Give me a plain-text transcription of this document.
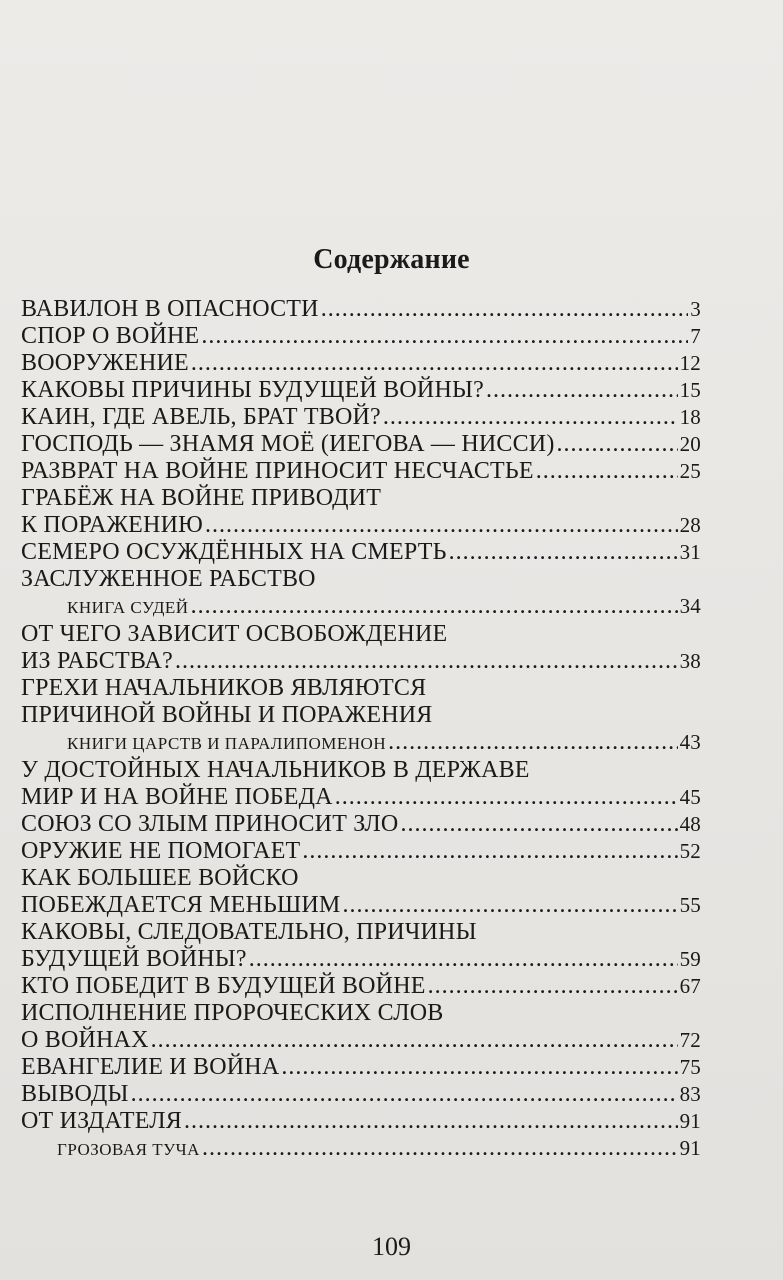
Содержание
ВАВИЛОН В ОПАСНОСТИ .....	3
СПОР О ВОЙНЕ .....	7
ВООРУЖЕНИЕ .....	12
КАКОВЫ ПРИЧИНЫ БУДУЩЕЙ ВОЙНЫ? .....	15
КАИН, ГДЕ АВЕЛЬ, БРАТ ТВОЙ? .....	18
ГОСПОДЬ — ЗНАМЯ МОЁ (ИЕГОВА — НИССИ) .....	20
РАЗВРАТ НА ВОЙНЕ ПРИНОСИТ НЕСЧАСТЬЕ .....	25
ГРАБЁЖ НА ВОЙНЕ ПРИВОДИТ
К ПОРАЖЕНИЮ .....	28
СЕМЕРО ОСУЖДЁННЫХ НА СМЕРТЬ .....	31
ЗАСЛУЖЕННОЕ РАБСТВО
КНИГА СУДЕЙ .....	34
ОТ ЧЕГО ЗАВИСИТ ОСВОБОЖДЕНИЕ
ИЗ РАБСТВА? .....	38
ГРЕХИ НАЧАЛЬНИКОВ ЯВЛЯЮТСЯ
ПРИЧИНОЙ ВОЙНЫ И ПОРАЖЕНИЯ
КНИГИ ЦАРСТВ И ПАРАЛИПОМЕНОН .....	43
У ДОСТОЙНЫХ НАЧАЛЬНИКОВ В ДЕРЖАВЕ
МИР И НА ВОЙНЕ ПОБЕДА .....	45
СОЮЗ СО ЗЛЫМ ПРИНОСИТ ЗЛО .....	48
ОРУЖИЕ НЕ ПОМОГАЕТ .....	52
КАК БОЛЬШЕЕ ВОЙСКО
ПОБЕЖДАЕТСЯ МЕНЬШИМ .....	55
КАКОВЫ, СЛЕДОВАТЕЛЬНО, ПРИЧИНЫ
БУДУЩЕЙ ВОЙНЫ? .....	59
КТО ПОБЕДИТ В БУДУЩЕЙ ВОЙНЕ .....	67
ИСПОЛНЕНИЕ ПРОРОЧЕСКИХ СЛОВ
О ВОЙНАХ .....	72
ЕВАНГЕЛИЕ И ВОЙНА .....	75
ВЫВОДЫ .....	83
ОТ ИЗДАТЕЛЯ .....	91
ГРОЗОВАЯ ТУЧА .....	91
109
